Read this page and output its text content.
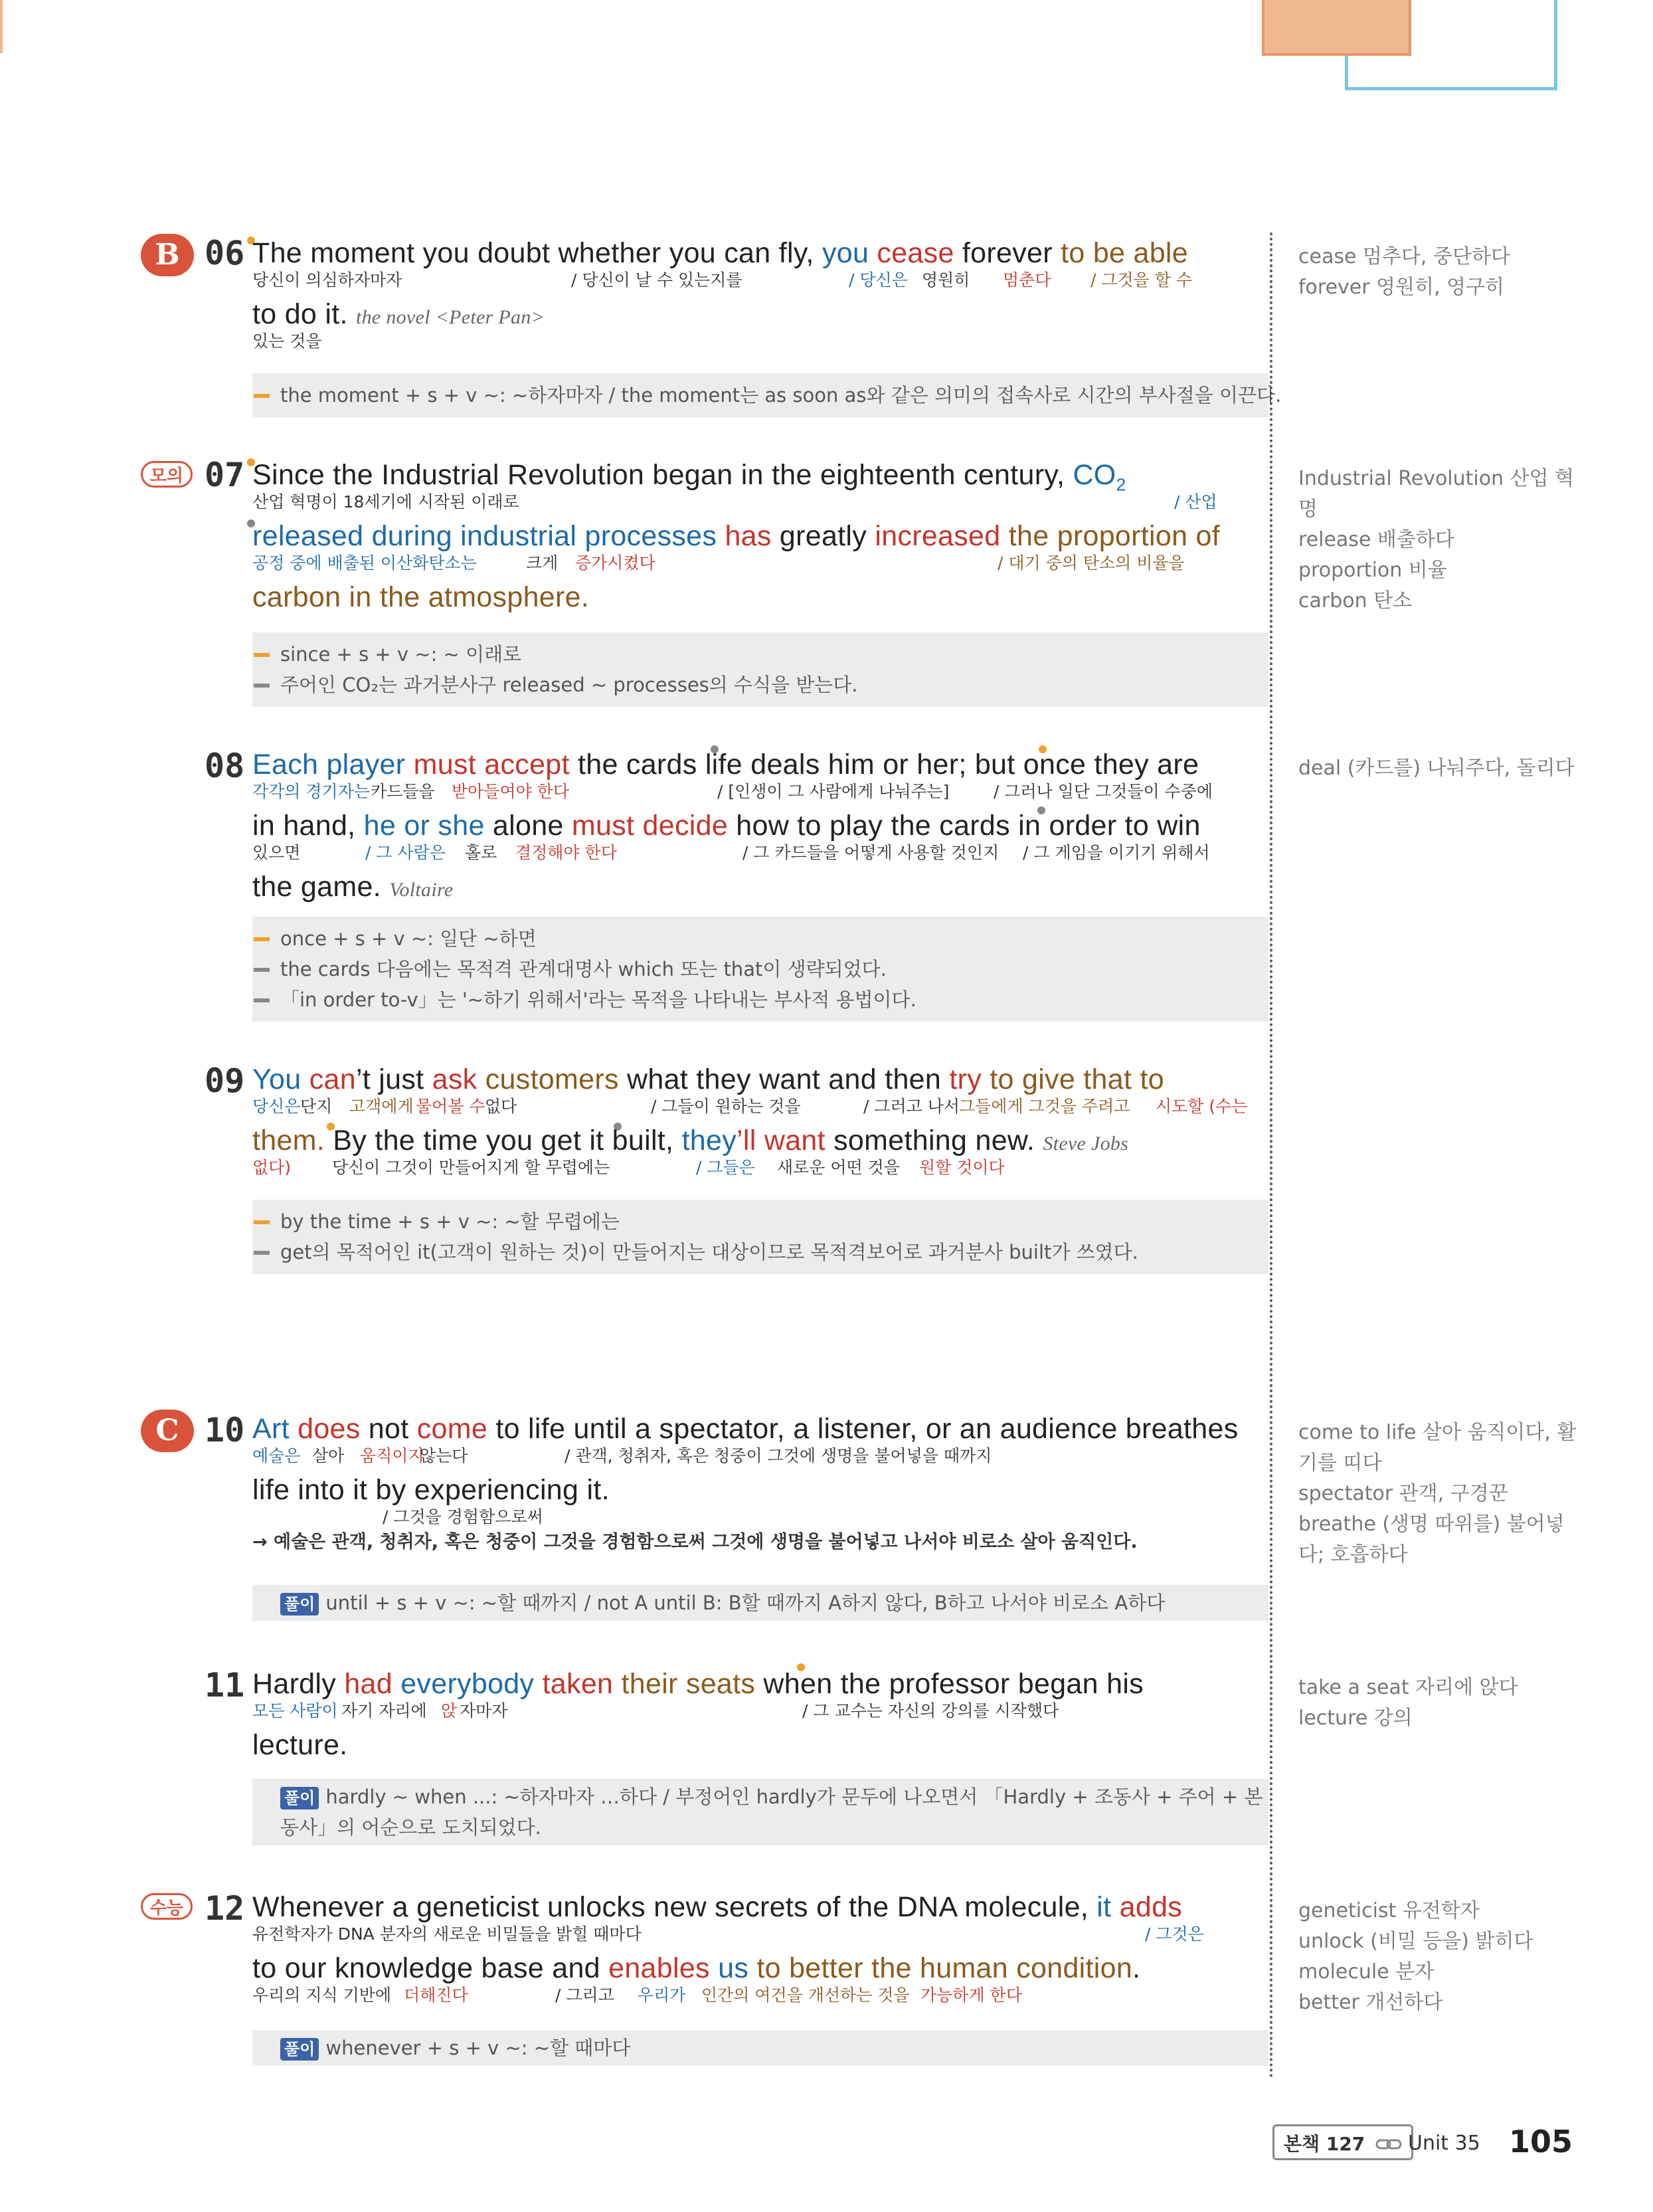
B 06 The moment you doubt whether you can fly, you cease forever to be able
당신이 의심하자마자	/ 당신이 날 수 있는지를	/ 당신은 영원히 멈춘다 / 그것을 할 수
to do it. the novel <Peter Pan>
있는 것을
the moment + s + v ~: ~하자마자 / the moment는 as soon as와 같은 의미의 접속사로 시간의 부사절을 이끈다.
cease 멈추다, 중단하다
forever 영원히, 영구히
모의 07 Since the Industrial Revolution began in the eighteenth century, $CO_2$
산업 혁명이 18세기에 시작된 이래로	/ 산업
released during industrial processes has greatly increased the proportion of
공정 중에 배출된 이산화탄소는	크게 증가시켰다	/ 대기 중의 탄소의 비율을
carbon in the atmosphere.
since + s + v ~: ~ 이래로
주어인 CO₂는 과거분사구 released ~ processes의 수식을 받는다.
Industrial Revolution 산업 혁명
release 배출하다
proportion 비율
carbon 탄소
08 Each player must accept the cards life deals him or her; but once they are
각각의 경기자는 카드들을 받아들여야 한다	/ [인생이 그 사람에게 나눠주는]	/ 그러나 일단 그것들이 수중에
in hand, he or she alone must decide how to play the cards in order to win
있으면	/ 그 사람은 홀로 결정해야 한다	/ 그 카드들을 어떻게 사용할 것인지 / 그 게임을 이기기 위해서
the game. Voltaire
once + s + v ~: 일단 ~하면
the cards 다음에는 목적격 관계대명사 which 또는 that이 생략되었다.
「in order to-v」는 '~하기 위해서'라는 목적을 나타내는 부사적 용법이다.
deal (카드를) 나눠주다, 돌리다
09 You can’t just ask customers what they want and then try to give that to
당신은 단지 고객에게 물어볼 수 없다	/ 그들이 원하는 것을	/ 그러고 나서
그들에게 그것을 주려고 시도할 (수는
them. By the time you get it built, they’ll want something new. Steve Jobs
없다) 당신이 그것이 만들어지게 할 무렵에는	/ 그들은 새로운 어떤 것을 원할 것이다
by the time + s + v ~: ~할 무렵에는
get의 목적어인 it(고객이 원하는 것)이 만들어지는 대상이므로 목적격보어로 과거분사 built가 쓰였다.
C 10 Art does not come to life until a spectator, a listener, or an audience breathes
예술은 살아 움직이지
않는다	/ 관객, 청취자, 혹은 청중이 그것에 생명을 불어넣을 때까지
life into it by experiencing it.
/ 그것을 경험함으로써
→ 예술은 관객, 청취자, 혹은 청중이 그것을 경험함으로써 그것에 생명을 불어넣고 나서야 비로소 살아 움직인다.
풀이 until + s + v ~: ~할 때까지 / not A until B: B할 때까지 A하지 않다, B하고 나서야 비로소 A하다
come to life 살아 움직이다, 활기를 띠다
spectator 관객, 구경꾼
breathe (생명 따위를) 불어넣다; 호흡하다
11 Hardly had everybody taken their seats when the professor began his
모든 사람이 자기 자리에 앉 자마자	/ 그 교수는 자신의 강의를 시작했다
lecture.
풀이 hardly ~ when ...: ~하자마자 …하다 / 부정어인 hardly가 문두에 나오면서 「Hardly + 조동사 + 주어 + 본
동사」의 어순으로 도치되었다.
take a seat 자리에 앉다
lecture 강의
수능 12 Whenever a geneticist unlocks new secrets of the DNA molecule, it adds
유전학자가 DNA 분자의 새로운 비밀들을 밝힐 때마다	/ 그것은
to our knowledge base and enables us to better the human condition.
우리의 지식 기반에 더해진다	/ 그리고 우리가 인간의 여건을 개선하는 것을 가능하게 한다
풀이 whenever + s + v ~: ~할 때마다
geneticist 유전학자
unlock (비밀 등을) 밝히다
molecule 분자
better 개선하다
본책 127	Unit 35 105
